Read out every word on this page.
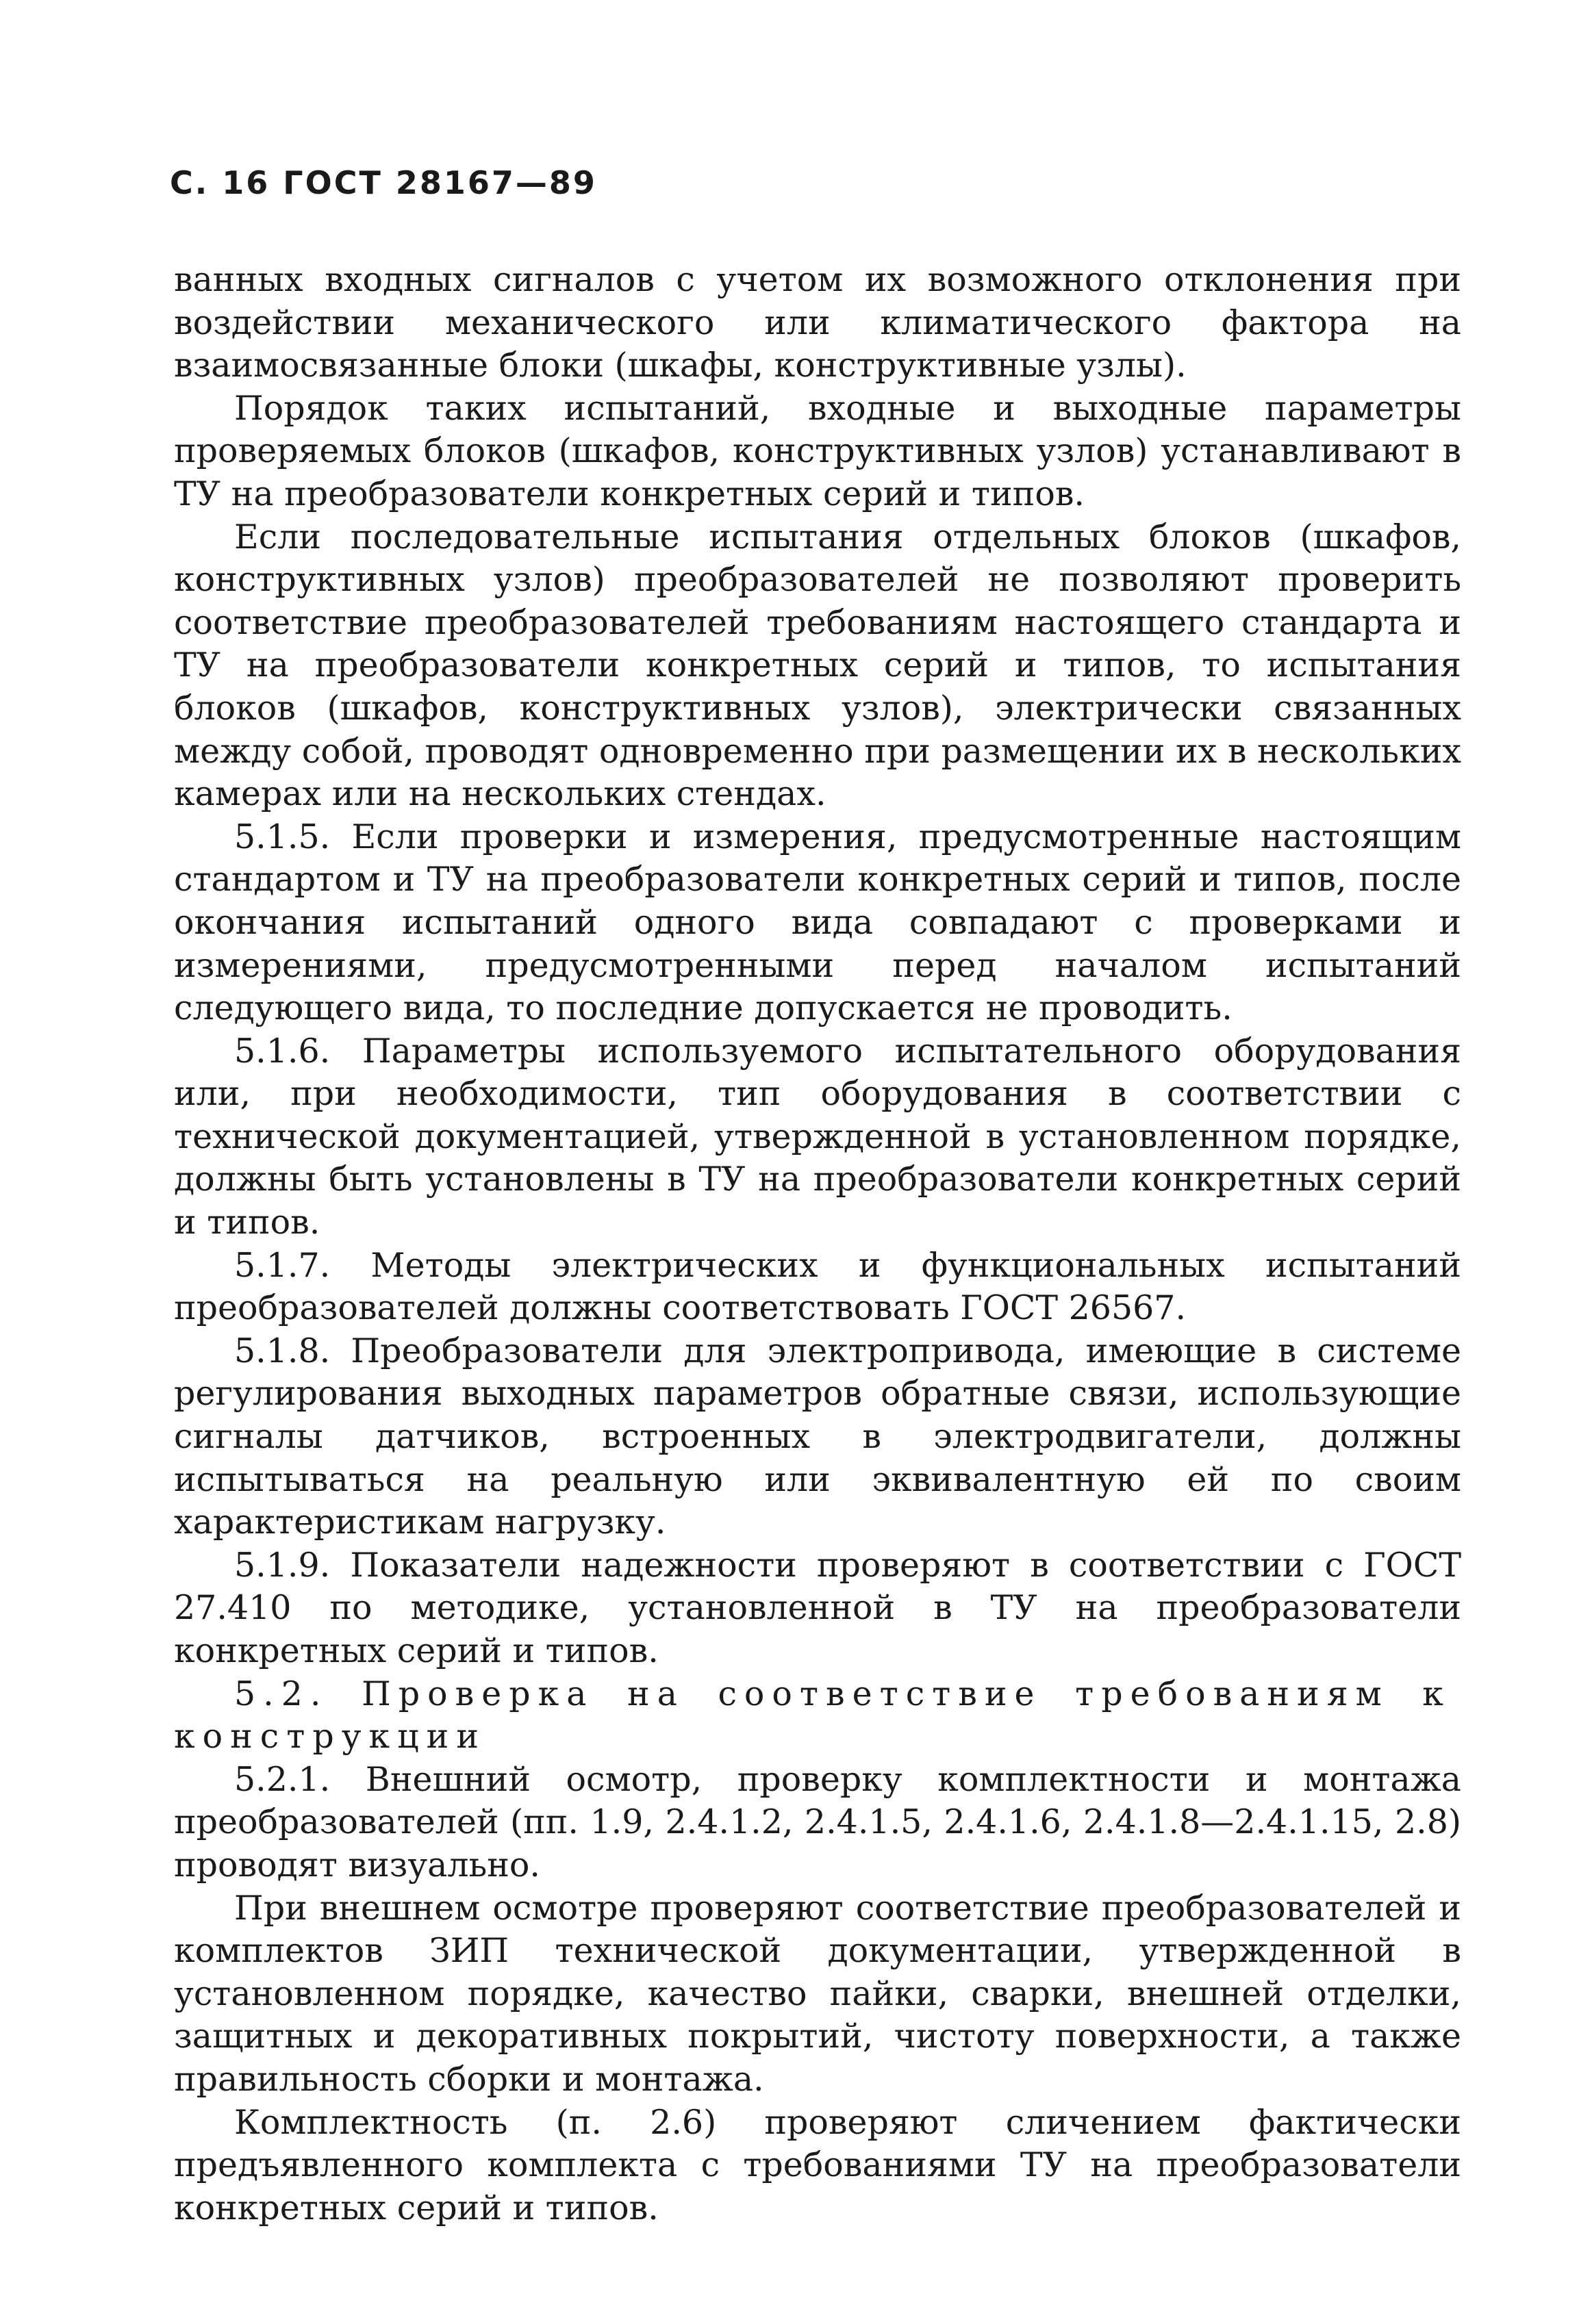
С. 16 ГОСТ 28167—89

ванных входных сигналов с учетом их возможного отклонения при воздействии механического или климатического фактора на взаимосвязанные блоки (шкафы, конструктивные узлы).

Порядок таких испытаний, входные и выходные параметры проверяемых блоков (шкафов, конструктивных узлов) устанавливают в ТУ на преобразователи конкретных серий и типов.

Если последовательные испытания отдельных блоков (шкафов, конструктивных узлов) преобразователей не позволяют проверить соответствие преобразователей требованиям настоящего стандарта и ТУ на преобразователи конкретных серий и типов, то испытания блоков (шкафов, конструктивных узлов), электрически связанных между собой, проводят одновременно при размещении их в нескольких камерах или на нескольких стендах.

5.1.5. Если проверки и измерения, предусмотренные настоящим стандартом и ТУ на преобразователи конкретных серий и типов, после окончания испытаний одного вида совпадают с проверками и измерениями, предусмотренными перед началом испытаний следующего вида, то последние допускается не проводить.

5.1.6. Параметры используемого испытательного оборудования или, при необходимости, тип оборудования в соответствии с технической документацией, утвержденной в установленном порядке, должны быть установлены в ТУ на преобразователи конкретных серий и типов.

5.1.7. Методы электрических и функциональных испытаний преобразователей должны соответствовать ГОСТ 26567.

5.1.8. Преобразователи для электропривода, имеющие в системе регулирования выходных параметров обратные связи, использующие сигналы датчиков, встроенных в электродвигатели, должны испытываться на реальную или эквивалентную ей по своим характеристикам нагрузку.

5.1.9. Показатели надежности проверяют в соответствии с ГОСТ 27.410 по методике, установленной в ТУ на преобразователи конкретных серий и типов.

5.2. Проверка на соответствие требованиям к конструкции

5.2.1. Внешний осмотр, проверку комплектности и монтажа преобразователей (пп. 1.9, 2.4.1.2, 2.4.1.5, 2.4.1.6, 2.4.1.8—2.4.1.15, 2.8) проводят визуально.

При внешнем осмотре проверяют соответствие преобразователей и комплектов ЗИП технической документации, утвержденной в установленном порядке, качество пайки, сварки, внешней отделки, защитных и декоративных покрытий, чистоту поверхности, а также правильность сборки и монтажа.

Комплектность (п. 2.6) проверяют сличением фактически предъявленного комплекта с требованиями ТУ на преобразователи конкретных серий и типов.
